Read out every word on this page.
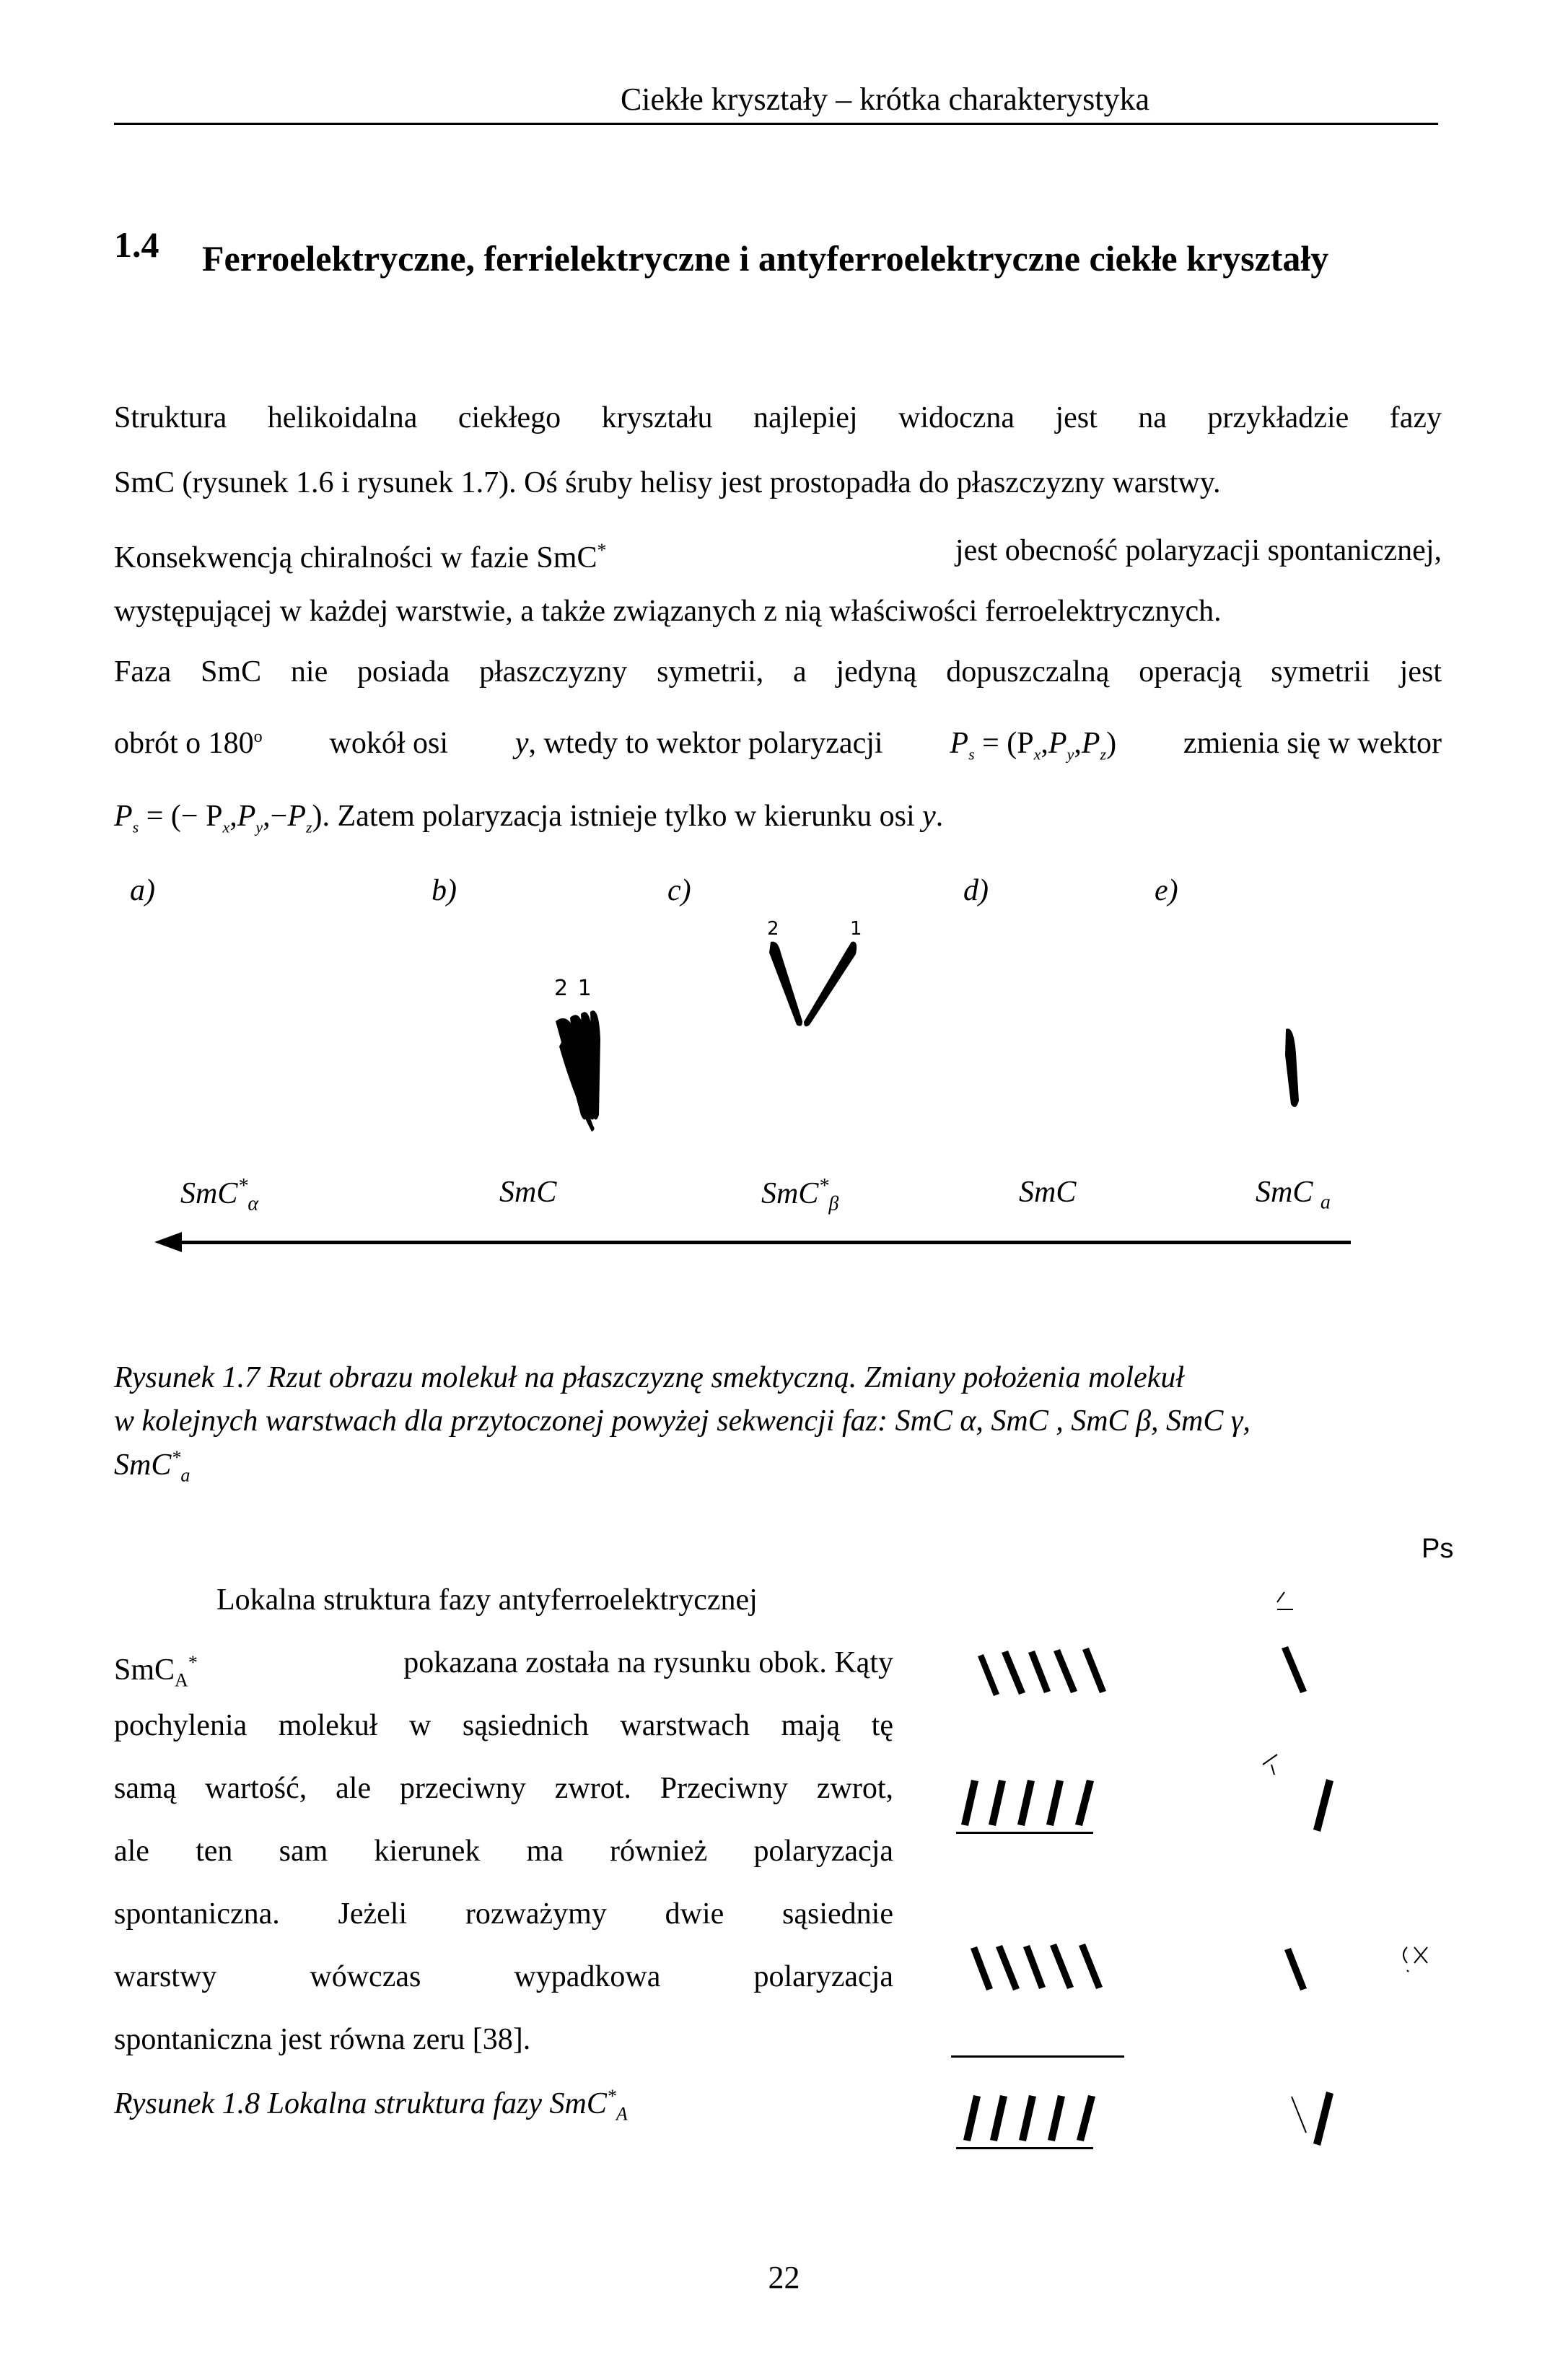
Ciekłe kryształy – krótka charakterystyka
1.4 Ferroelektryczne, ferrielektryczne i antyferroelektryczne ciekłe kryształy
Struktura helikoidalna ciekłego kryształu najlepiej widoczna jest na przykładzie fazy
SmC (rysunek 1.6 i rysunek 1.7). Oś śruby helisy jest prostopadła do płaszczyzny warstwy.
Konsekwencją chiralności w fazie SmC*	jest obecność polaryzacji spontanicznej,
występującej w każdej warstwie, a także związanych z nią właściwości ferroelektrycznych.
Faza SmC nie posiada płaszczyzny symetrii, a jedyną dopuszczalną operacją symetrii jest
obrót o 180$^o$ wokół osi y, wtedy to wektor polaryzacji $P_s = (P_x,P_y,P_z)$ zmienia się w wektor
$P_s$ = (− $P_x,P_y,-P_z$). Zatem polaryzacja istnieje tylko w kierunku osi y.
a)	b)	c)	d)	e)
2 1
2	1
SmC*$_\alpha$	SmC	SmC*$_\beta$	SmC	SmC $_a$
Rysunek 1.7 Rzut obrazu molekuł na płaszczyznę smektyczną. Zmiany położenia molekuł
w kolejnych warstwach dla przytoczonej powyżej sekwencji faz: SmC α, SmC , SmC β, SmC γ,
SmC*$_a$
Lokalna struktura fazy antyferroelektrycznej
SmC$_A$*	pokazana została na rysunku obok. Kąty
pochylenia molekuł w sąsiednich warstwach mają tę
samą wartość, ale przeciwny zwrot. Przeciwny zwrot,
ale ten sam kierunek ma również polaryzacja
spontaniczna. Jeżeli rozważymy dwie sąsiednie
warstwy wówczas wypadkowa polaryzacja
spontaniczna jest równa zeru [38].
Rysunek 1.8 Lokalna struktura fazy SmC*$_A$
Ps
22
